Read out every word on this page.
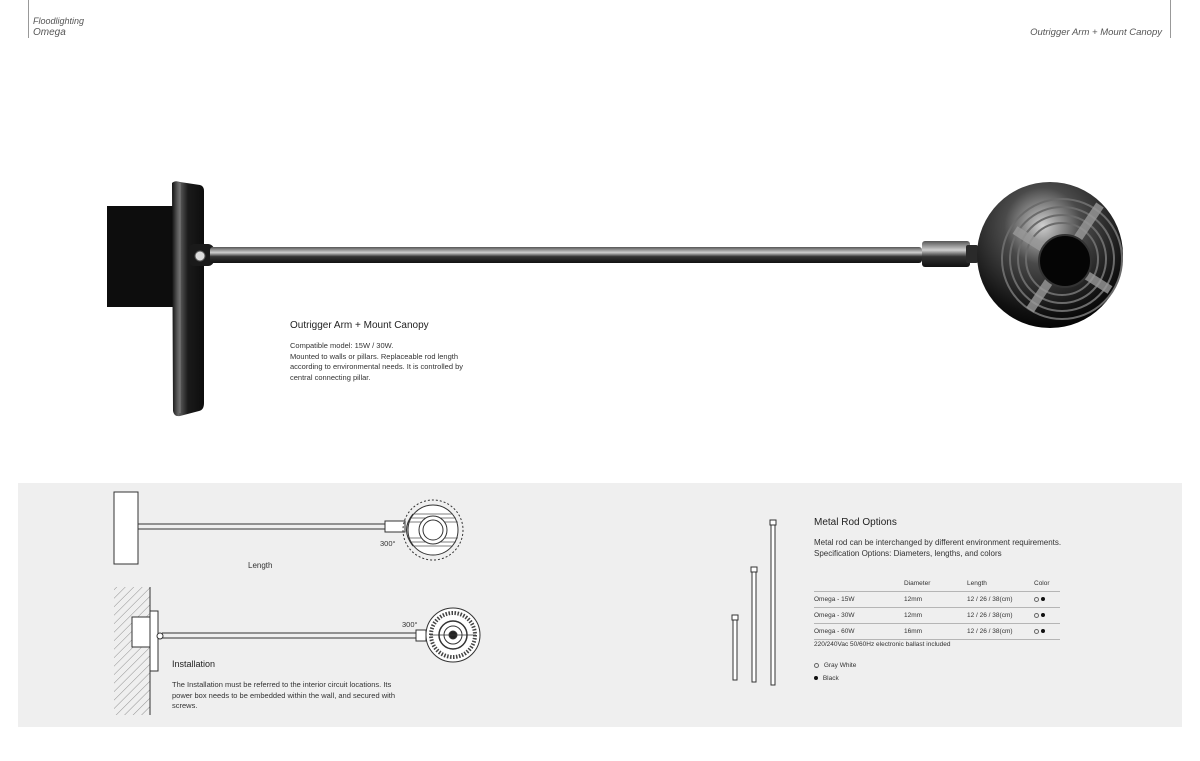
Floodlighting
Omega	Outrigger Arm + Mount Canopy
Outrigger Arm + Mount Canopy
Compatible model: 15W / 30W.
Mounted to walls or pillars. Replaceable rod length
according to environmental needs. It is controlled by
central connecting pillar.
300°
Length
300°
Installation
The Installation must be referred to the interior circuit locations. Its
power box needs to be embedded within the wall, and secured with
screws.
Metal Rod Options
Metal rod can be interchanged by different environment requirements.
Specification Options: Diameters, lengths, and colors
	Diameter	Length	Color
Omega - 15W	12mm	12 / 26 / 38(cm)	
Omega - 30W	12mm	12 / 26 / 38(cm)	
Omega - 60W	16mm	12 / 26 / 38(cm)	
220/240Vac 50/60Hz electronic ballast included
Gray White
Black
